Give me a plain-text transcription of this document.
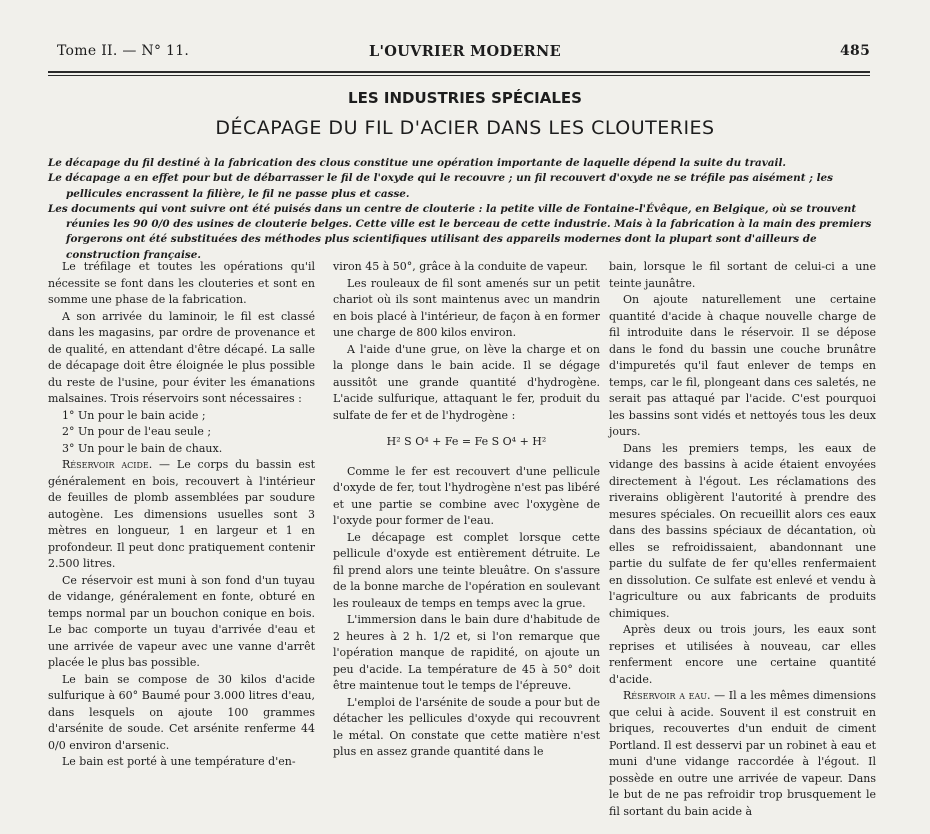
Tome II. — N° 11.	L'OUVRIER MODERNE	485
LES INDUSTRIES SPÉCIALES
DÉCAPAGE DU FIL D'ACIER DANS LES CLOUTERIES

Le décapage du fil destiné à la fabrication des clous constitue une opération importante de laquelle dépend la suite du travail.

Le décapage a en effet pour but de débarrasser le fil de l'oxyde qui le recouvre ; un fil recouvert d'oxyde ne se tréfile pas aisément ; les pellicules encrassent la filière, le fil ne passe plus et casse.

Les documents qui vont suivre ont été puisés dans un centre de clouterie : la petite ville de Fontaine-l'Évêque, en Belgique, où se trouvent réunies les 90 0/0 des usines de clouterie belges. Cette ville est le berceau de cette industrie. Mais à la fabrication à la main des premiers forgerons ont été substituées des méthodes plus scientifiques utilisant des appareils modernes dont la plupart sont d'ailleurs de construction française.

Le tréfilage et toutes les opérations qu'il nécessite se font dans les clouteries et sont en somme une phase de la fabrication.

A son arrivée du laminoir, le fil est classé dans les magasins, par ordre de provenance et de qualité, en attendant d'être décapé. La salle de décapage doit être éloignée le plus possible du reste de l'usine, pour éviter les émanations malsaines. Trois réservoirs sont nécessaires :

1° Un pour le bain acide ;

2° Un pour de l'eau seule ;

3° Un pour le bain de chaux.

Réservoir acide. — Le corps du bassin est généralement en bois, recouvert à l'intérieur de feuilles de plomb assemblées par soudure autogène. Les dimensions usuelles sont 3 mètres en longueur, 1 en largeur et 1 en profondeur. Il peut donc pratiquement contenir 2.500 litres.

Ce réservoir est muni à son fond d'un tuyau de vidange, généralement en fonte, obturé en temps normal par un bouchon conique en bois. Le bac comporte un tuyau d'arrivée d'eau et une arrivée de vapeur avec une vanne d'arrêt placée le plus bas possible.

Le bain se compose de 30 kilos d'acide sulfurique à 60° Baumé pour 3.000 litres d'eau, dans lesquels on ajoute 100 grammes d'arsénite de soude. Cet arsénite renferme 44 0/0 environ d'arsenic.

Le bain est porté à une température d'en-

viron 45 à 50°, grâce à la conduite de vapeur.

Les rouleaux de fil sont amenés sur un petit chariot où ils sont maintenus avec un mandrin en bois placé à l'intérieur, de façon à en former une charge de 800 kilos environ.

A l'aide d'une grue, on lève la charge et on la plonge dans le bain acide. Il se dégage aussitôt une grande quantité d'hydrogène. L'acide sulfurique, attaquant le fer, produit du sulfate de fer et de l'hydrogène :

H² S O⁴ + Fe = Fe S O⁴ + H²

Comme le fer est recouvert d'une pellicule d'oxyde de fer, tout l'hydrogène n'est pas libéré et une partie se combine avec l'oxygène de l'oxyde pour former de l'eau.

Le décapage est complet lorsque cette pellicule d'oxyde est entièrement détruite. Le fil prend alors une teinte bleuâtre. On s'assure de la bonne marche de l'opération en soulevant les rouleaux de temps en temps avec la grue.

L'immersion dans le bain dure d'habitude de 2 heures à 2 h. 1/2 et, si l'on remarque que l'opération manque de rapidité, on ajoute un peu d'acide. La température de 45 à 50° doit être maintenue tout le temps de l'épreuve.

L'emploi de l'arsénite de soude a pour but de détacher les pellicules d'oxyde qui recouvrent le métal. On constate que cette matière n'est plus en assez grande quantité dans le

bain, lorsque le fil sortant de celui-ci a une teinte jaunâtre.

On ajoute naturellement une certaine quantité d'acide à chaque nouvelle charge de fil introduite dans le réservoir. Il se dépose dans le fond du bassin une couche brunâtre d'impuretés qu'il faut enlever de temps en temps, car le fil, plongeant dans ces saletés, ne serait pas attaqué par l'acide. C'est pourquoi les bassins sont vidés et nettoyés tous les deux jours.

Dans les premiers temps, les eaux de vidange des bassins à acide étaient envoyées directement à l'égout. Les réclamations des riverains obligèrent l'autorité à prendre des mesures spéciales. On recueillit alors ces eaux dans des bassins spéciaux de décantation, où elles se refroidissaient, abandonnant une partie du sulfate de fer qu'elles renfermaient en dissolution. Ce sulfate est enlevé et vendu à l'agriculture ou aux fabricants de produits chimiques.

Après deux ou trois jours, les eaux sont reprises et utilisées à nouveau, car elles renferment encore une certaine quantité d'acide.

Réservoir a eau. — Il a les mêmes dimensions que celui à acide. Souvent il est construit en briques, recouvertes d'un enduit de ciment Portland. Il est desservi par un robinet à eau et muni d'une vidange raccordée à l'égout. Il possède en outre une arrivée de vapeur. Dans le but de ne pas refroidir trop brusquement le fil sortant du bain acide à
